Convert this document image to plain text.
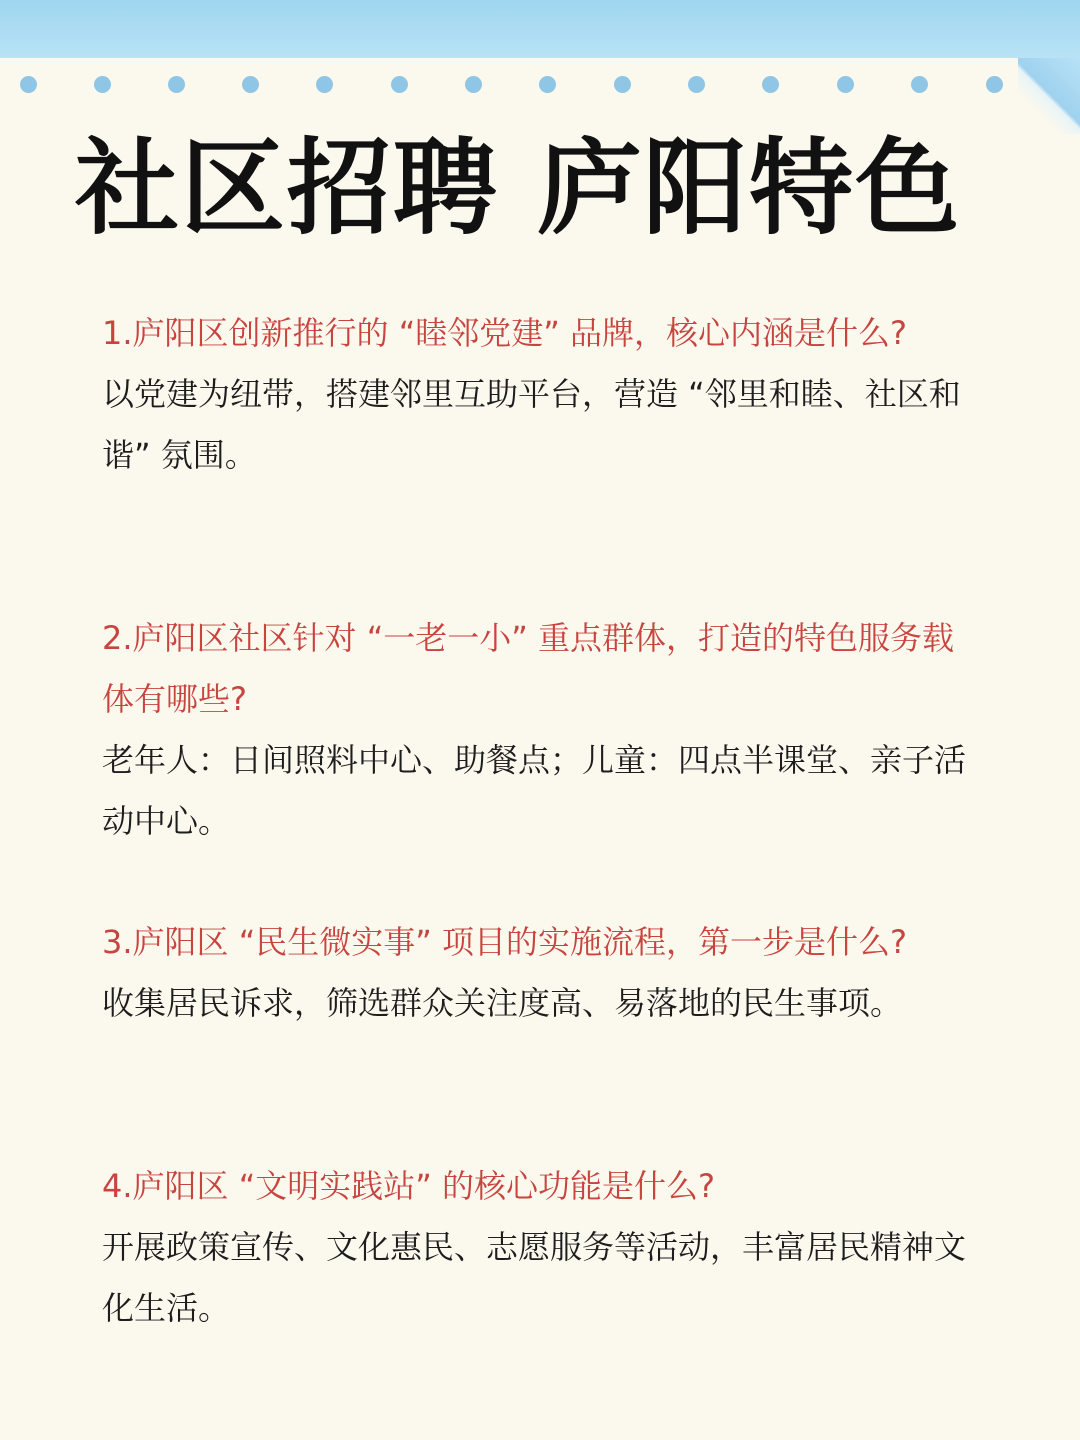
社区招聘 庐阳特色

1.庐阳区创新推行的 “睦邻党建” 品牌，核心内涵是什么?

以党建为纽带，搭建邻里互助平台，营造 “邻里和睦、社区和谐” 氛围。

2.庐阳区社区针对 “一老一小” 重点群体，打造的特色服务载体有哪些?

老年人：日间照料中心、助餐点；儿童：四点半课堂、亲子活动中心。

3.庐阳区 “民生微实事” 项目的实施流程，第一步是什么?

收集居民诉求，筛选群众关注度高、易落地的民生事项。

4.庐阳区 “文明实践站” 的核心功能是什么?

开展政策宣传、文化惠民、志愿服务等活动，丰富居民精神文化生活。
